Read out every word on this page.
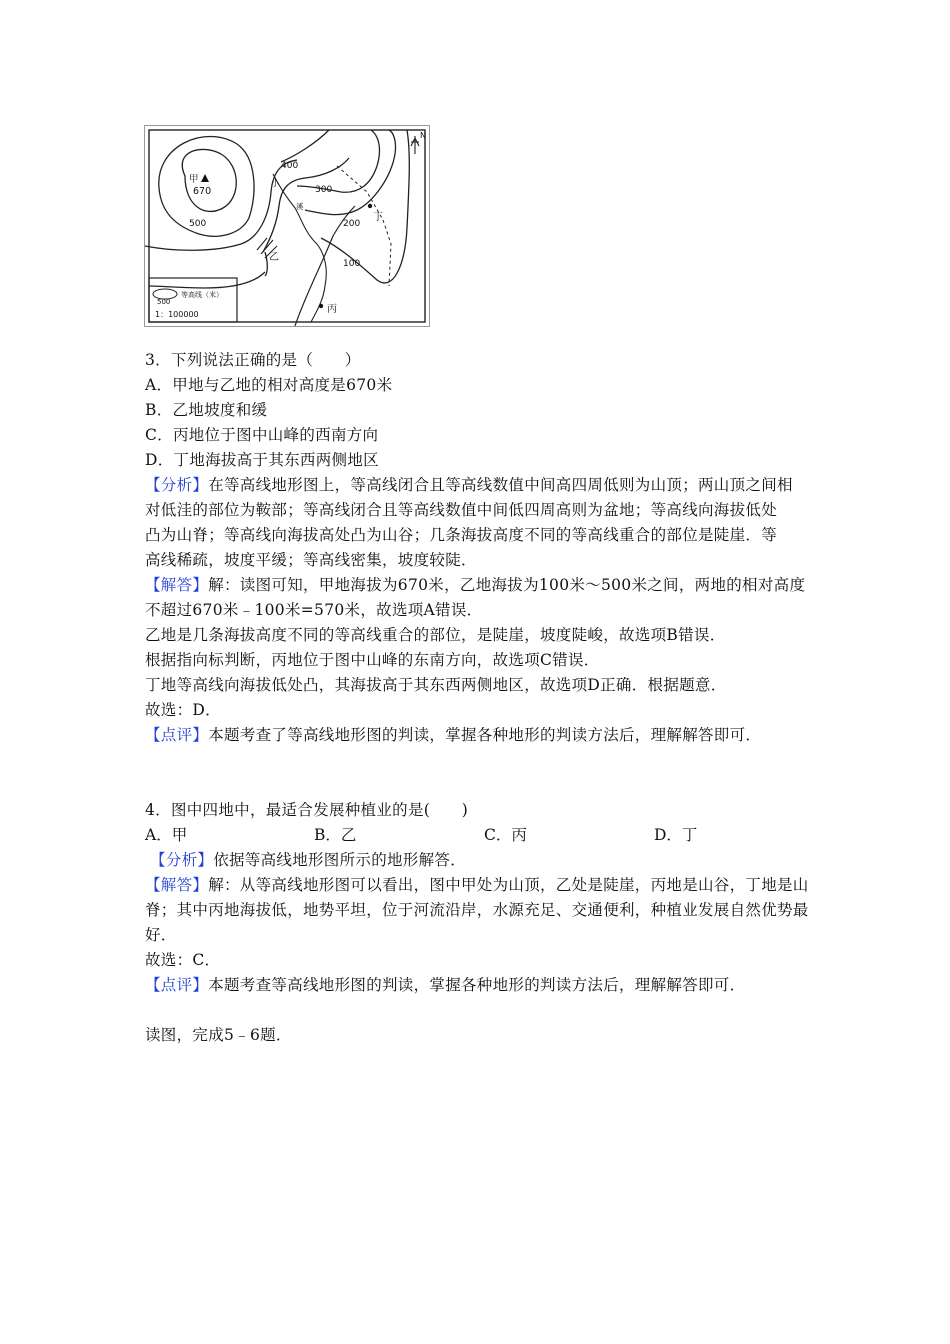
N
甲
670
400
300
200
100
500
小
溪
丁
乙
丙
500
等高线（米）
1：100000
3．下列说法正确的是（　　）
A．甲地与乙地的相对高度是670米
B．乙地坡度和缓
C．丙地位于图中山峰的西南方向
D．丁地海拔高于其东西两侧地区
【分析】在等高线地形图上，等高线闭合且等高线数值中间高四周低则为山顶；两山顶之间相
对低洼的部位为鞍部；等高线闭合且等高线数值中间低四周高则为盆地；等高线向海拔低处
凸为山脊；等高线向海拔高处凸为山谷；几条海拔高度不同的等高线重合的部位是陡崖．等
高线稀疏，坡度平缓；等高线密集，坡度较陡．
【解答】解：读图可知，甲地海拔为670米，乙地海拔为100米～500米之间，两地的相对高度
不超过670米﹣100米=570米，故选项A错误．
乙地是几条海拔高度不同的等高线重合的部位，是陡崖，坡度陡峻，故选项B错误．
根据指向标判断，丙地位于图中山峰的东南方向，故选项C错误．
丁地等高线向海拔低处凸，其海拔高于其东西两侧地区，故选项D正确．根据题意．
故选：D．
【点评】本题考查了等高线地形图的判读，掌握各种地形的判读方法后，理解解答即可．
4．图中四地中，最适合发展种植业的是(　　)
A．甲	B．乙	C．丙	D．丁
【分析】依据等高线地形图所示的地形解答．
【解答】解：从等高线地形图可以看出，图中甲处为山顶，乙处是陡崖，丙地是山谷，丁地是山
脊；其中丙地海拔低，地势平坦，位于河流沿岸，水源充足、交通便利，种植业发展自然优势最
好．
故选：C．
【点评】本题考查等高线地形图的判读，掌握各种地形的判读方法后，理解解答即可．
读图，完成5﹣6题．
